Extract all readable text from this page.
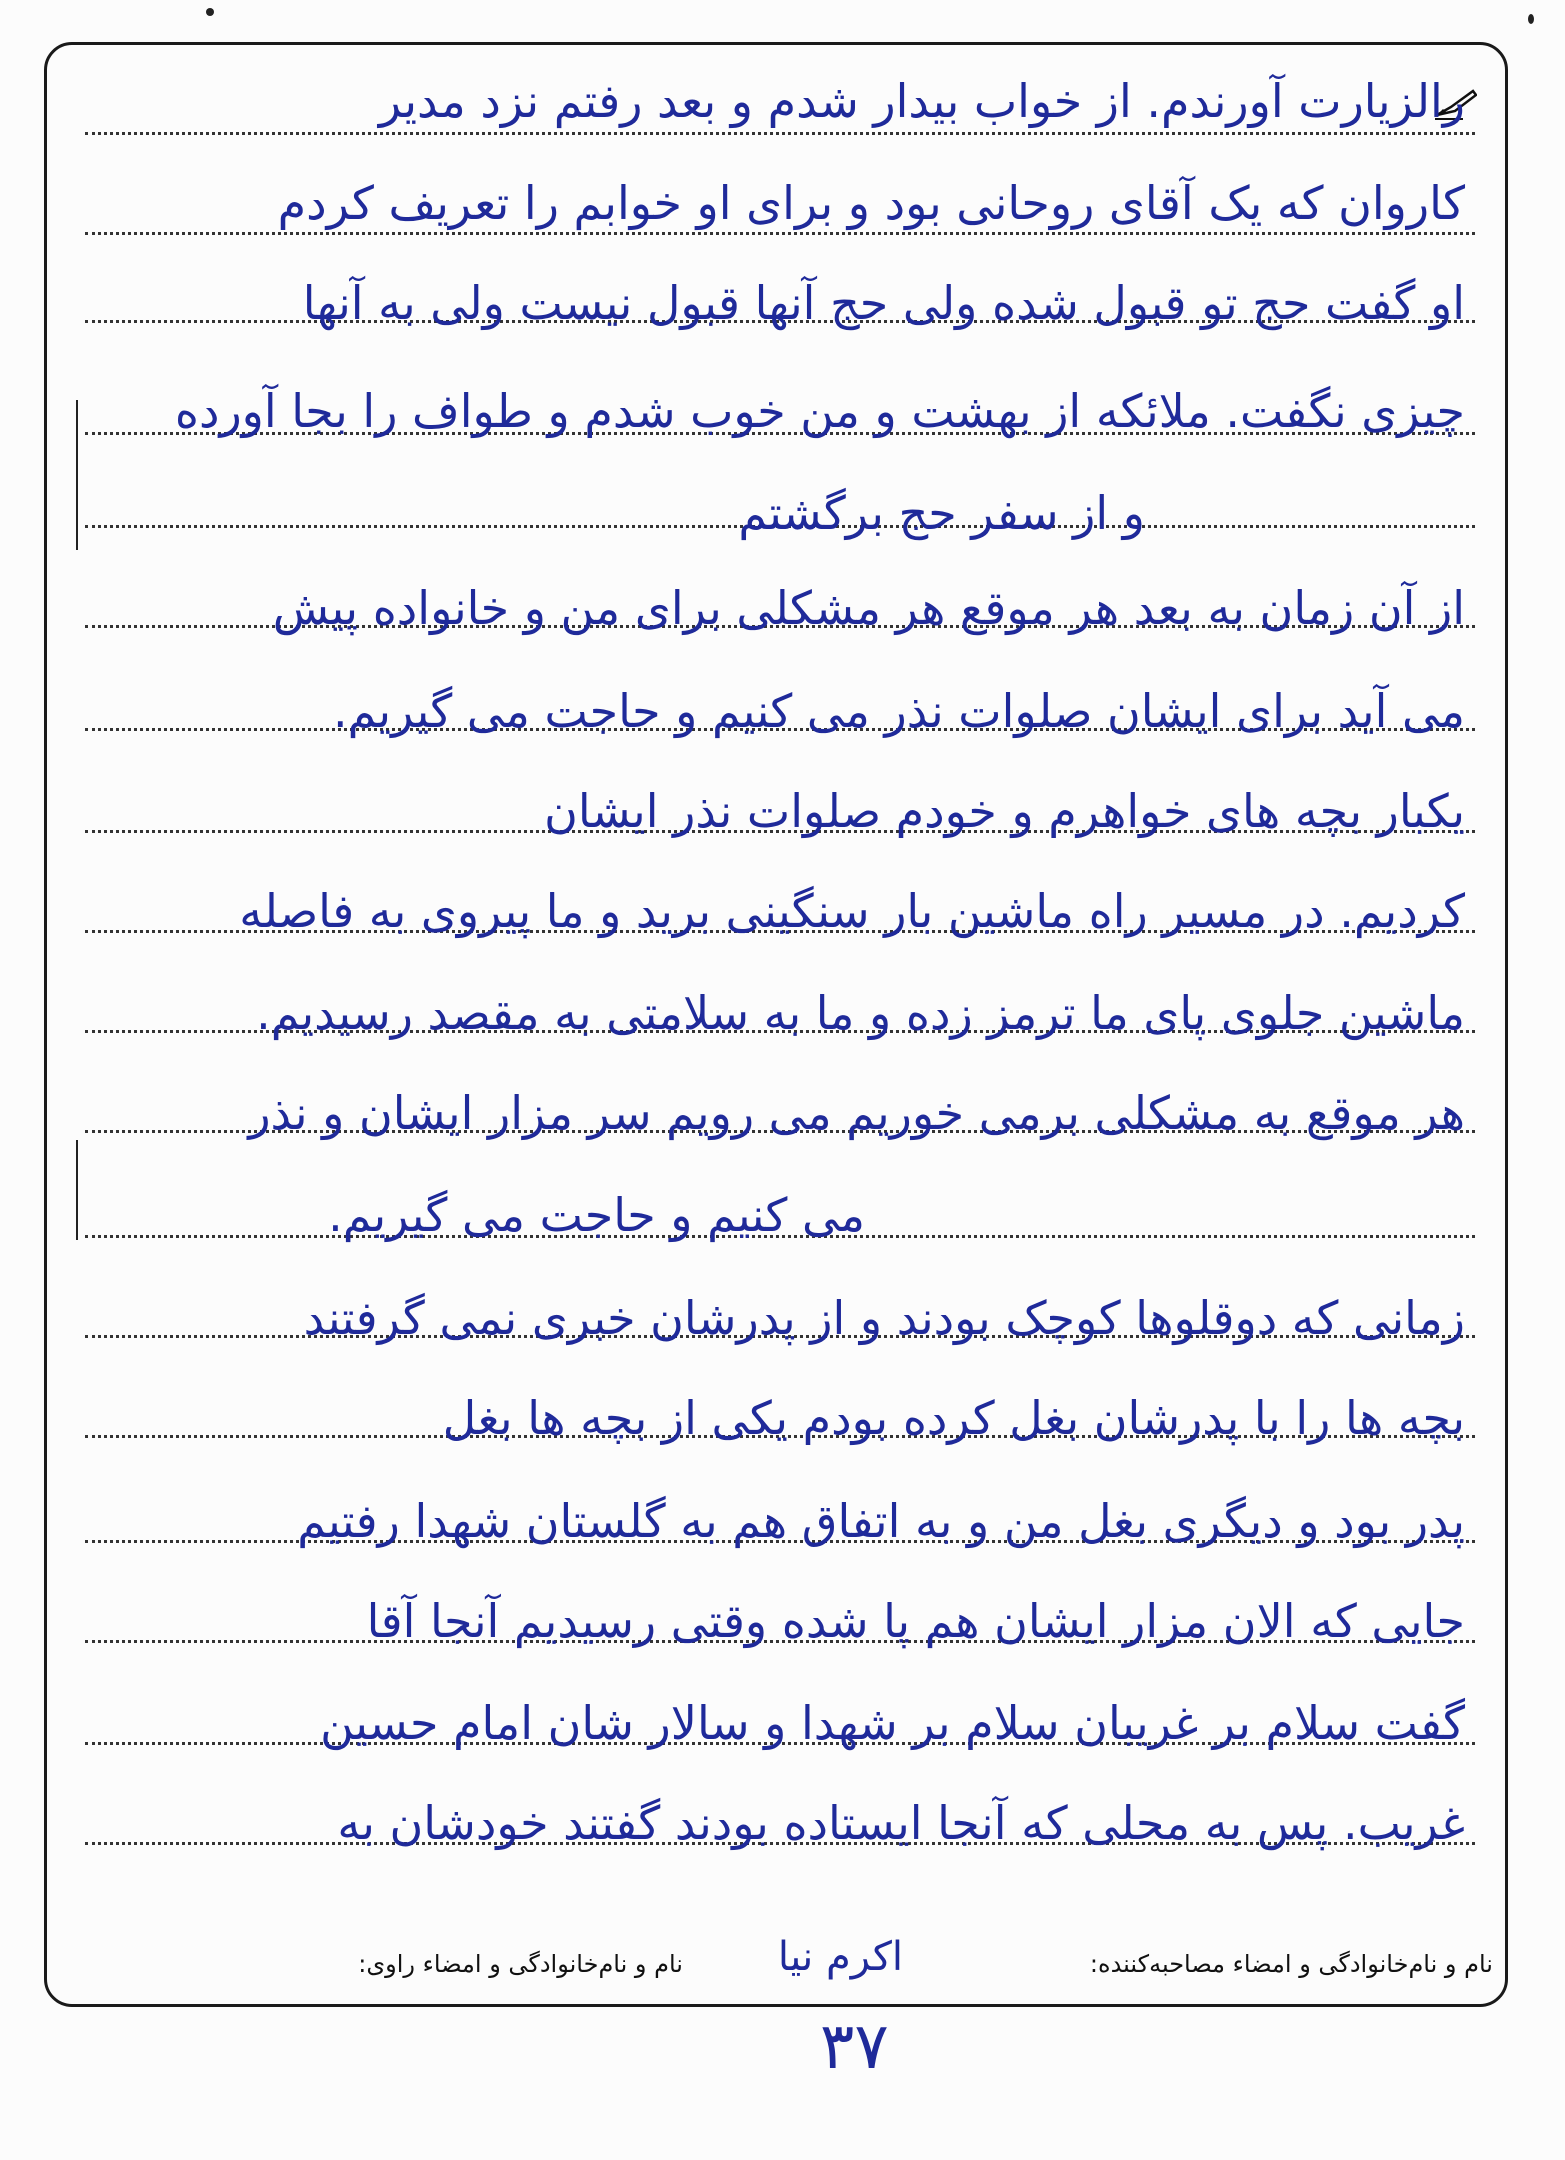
رالزیارت آورندم. از خواب بیدار شدم و بعد رفتم نزد مدیر
کاروان که یک آقای روحانی بود و برای او خوابم را تعریف کردم
او گفت حج تو قبول شده ولی حج آنها قبول نیست ولی به آنها
چیزی نگفت. ملائکه از بهشت و من خوب شدم و طواف را بجا آورده
و از سفر حج برگشتم
از آن زمان به بعد هر موقع هر مشکلی برای من و خانواده پیش
می آید برای ایشان صلوات نذر می کنیم و حاجت می گیریم.
یکبار بچه های خواهرم و خودم صلوات نذر ایشان
کردیم. در مسیر راه ماشین بار سنگینی برید و ما پیروی به فاصله
ماشین جلوی پای ما ترمز زده و ما به سلامتی به مقصد رسیدیم.
هر موقع به مشکلی برمی خوریم می رویم سر مزار ایشان و نذر
می کنیم و حاجت می گیریم.
زمانی که دوقلوها کوچک بودند و از پدرشان خبری نمی گرفتند
بچه ها را با پدرشان بغل کرده بودم یکی از بچه ها بغل
پدر بود و دیگری بغل من و به اتفاق هم به گلستان شهدا رفتیم
جایی که الان مزار ایشان هم پا شده وقتی رسیدیم آنجا آقا
گفت سلام بر غریبان سلام بر شهدا و سالار شان امام حسین
غریب. پس به محلی که آنجا ایستاده بودند گفتند خودشان به
نام و نام‌خانوادگی و امضاء مصاحبه‌کننده:
اکرم نیا
نام و نام‌خانوادگی و امضاء راوی:
۳۷
